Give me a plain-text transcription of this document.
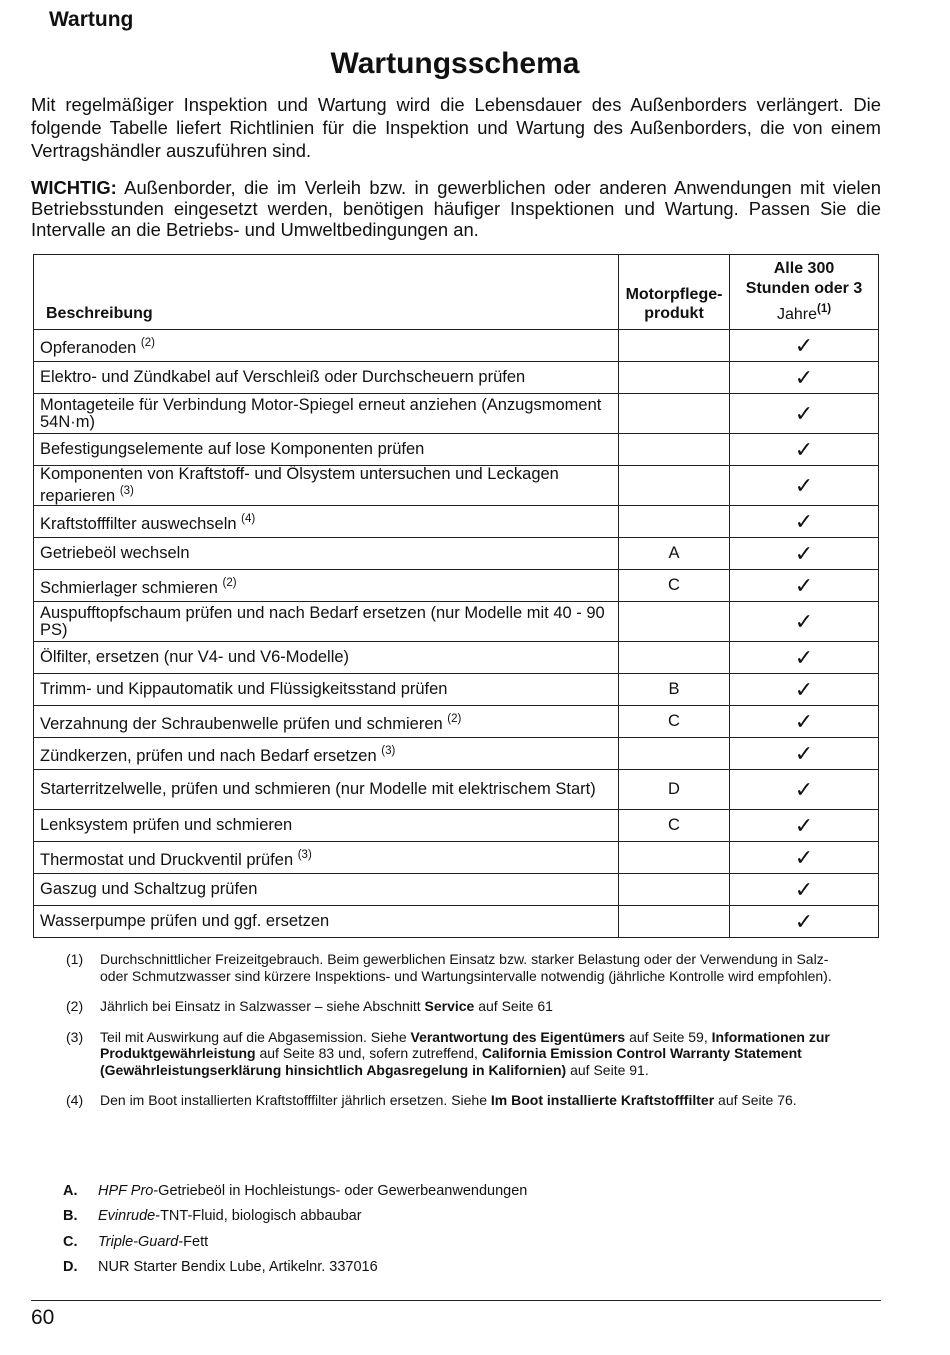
Wartung
Wartungsschema

Mit regelmäßiger Inspektion und Wartung wird die Lebensdauer des Außenborders verlängert. Die folgende Tabelle liefert Richtlinien für die Inspektion und Wartung des Außenborders, die von einem Vertragshändler auszuführen sind.

WICHTIG: Außenborder, die im Verleih bzw. in gewerblichen oder anderen Anwendungen mit vielen Betriebsstunden eingesetzt werden, benötigen häufiger Inspektionen und Wartung. Passen Sie die Intervalle an die Betriebs- und Umweltbedingungen an.

Beschreibung	Motorpflege-
produkt	Alle 300
Stunden oder 3
Jahre$^{(1)}$
Opferanoden $^{(2)}$		✓
Elektro- und Zündkabel auf Verschleiß oder Durchscheuern prüfen		✓
Montageteile für Verbindung Motor-Spiegel erneut anziehen (Anzugsmoment 54N·m)		✓
Befestigungselemente auf lose Komponenten prüfen		✓
Komponenten von Kraftstoff- und Ölsystem untersuchen und Leckagen reparieren $^{(3)}$		✓
Kraftstofffilter auswechseln $^{(4)}$		✓
Getriebeöl wechseln	A	✓
Schmierlager schmieren $^{(2)}$	C	✓
Auspufftopfschaum prüfen und nach Bedarf ersetzen (nur Modelle mit 40 - 90 PS)		✓
Ölfilter, ersetzen (nur V4- und V6-Modelle)		✓
Trimm- und Kippautomatik und Flüssigkeitsstand prüfen	B	✓
Verzahnung der Schraubenwelle prüfen und schmieren $^{(2)}$	C	✓
Zündkerzen, prüfen und nach Bedarf ersetzen $^{(3)}$		✓
Starterritzelwelle, prüfen und schmieren (nur Modelle mit elektrischem Start)	D	✓
Lenksystem prüfen und schmieren	C	✓
Thermostat und Druckventil prüfen $^{(3)}$		✓
Gaszug und Schaltzug prüfen		✓
Wasserpumpe prüfen und ggf. ersetzen		✓
(1)	Durchschnittlicher Freizeitgebrauch. Beim gewerblichen Einsatz bzw. starker Belastung oder der Verwendung in Salz- oder Schmutzwasser sind kürzere Inspektions- und Wartungsintervalle notwendig (jährliche Kontrolle wird empfohlen).
(2)	Jährlich bei Einsatz in Salzwasser – siehe Abschnitt Service auf Seite 61
(3)	Teil mit Auswirkung auf die Abgasemission. Siehe Verantwortung des Eigentümers auf Seite 59, Informationen zur Produktgewährleistung auf Seite 83 und, sofern zutreffend, California Emission Control Warranty Statement (Gewährleistungserklärung hinsichtlich Abgasregelung in Kalifornien) auf Seite 91.
(4)	Den im Boot installierten Kraftstofffilter jährlich ersetzen. Siehe Im Boot installierte Kraftstofffilter auf Seite 76.
A.	HPF Pro-Getriebeöl in Hochleistungs- oder Gewerbeanwendungen
B.	Evinrude-TNT-Fluid, biologisch abbaubar
C.	Triple-Guard-Fett
D.	NUR Starter Bendix Lube, Artikelnr. 337016
60
